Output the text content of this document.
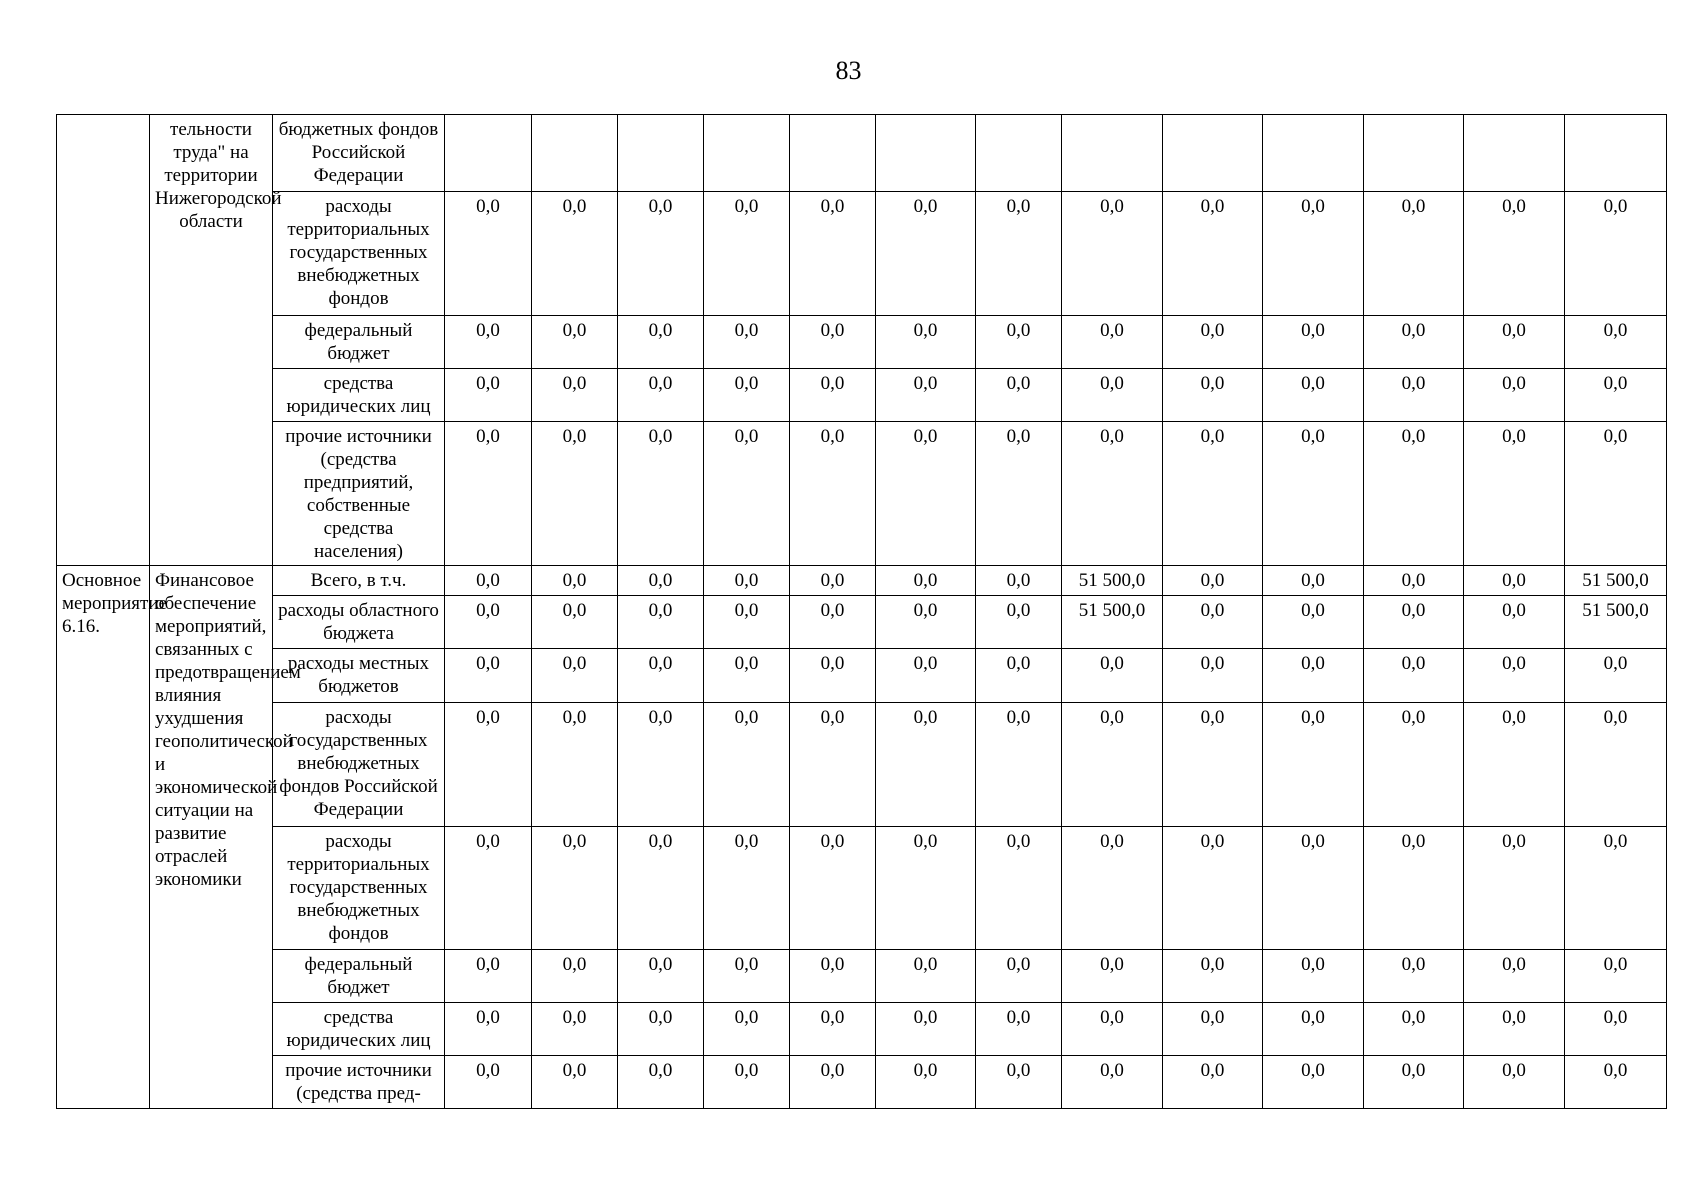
83
	тельности труда" на территории Нижегородской области	бюджетных фондов Российской Федерации													
		расходы территориальных государственных внебюджетных фондов	0,0	0,0	0,0	0,0	0,0	0,0	0,0	0,0	0,0	0,0	0,0	0,0	0,0
		федеральный бюджет	0,0	0,0	0,0	0,0	0,0	0,0	0,0	0,0	0,0	0,0	0,0	0,0	0,0
		средства юридических лиц	0,0	0,0	0,0	0,0	0,0	0,0	0,0	0,0	0,0	0,0	0,0	0,0	0,0
		прочие источники (средства предприятий, собственные средства населения)	0,0	0,0	0,0	0,0	0,0	0,0	0,0	0,0	0,0	0,0	0,0	0,0	0,0
Основное мероприятие 6.16.	Финансовое обеспечение мероприятий, связанных с предотвращением влияния ухудшения геополитической и экономической ситуации на развитие отраслей экономики	Всего, в т.ч.	0,0	0,0	0,0	0,0	0,0	0,0	0,0	51 500,0	0,0	0,0	0,0	0,0	51 500,0
		расходы областного бюджета	0,0	0,0	0,0	0,0	0,0	0,0	0,0	51 500,0	0,0	0,0	0,0	0,0	51 500,0
		расходы местных бюджетов	0,0	0,0	0,0	0,0	0,0	0,0	0,0	0,0	0,0	0,0	0,0	0,0	0,0
		расходы государственных внебюджетных фондов Российской Федерации	0,0	0,0	0,0	0,0	0,0	0,0	0,0	0,0	0,0	0,0	0,0	0,0	0,0
		расходы территориальных государственных внебюджетных фондов	0,0	0,0	0,0	0,0	0,0	0,0	0,0	0,0	0,0	0,0	0,0	0,0	0,0
		федеральный бюджет	0,0	0,0	0,0	0,0	0,0	0,0	0,0	0,0	0,0	0,0	0,0	0,0	0,0
		средства юридических лиц	0,0	0,0	0,0	0,0	0,0	0,0	0,0	0,0	0,0	0,0	0,0	0,0	0,0
		прочие источники (средства пред-	0,0	0,0	0,0	0,0	0,0	0,0	0,0	0,0	0,0	0,0	0,0	0,0	0,0
